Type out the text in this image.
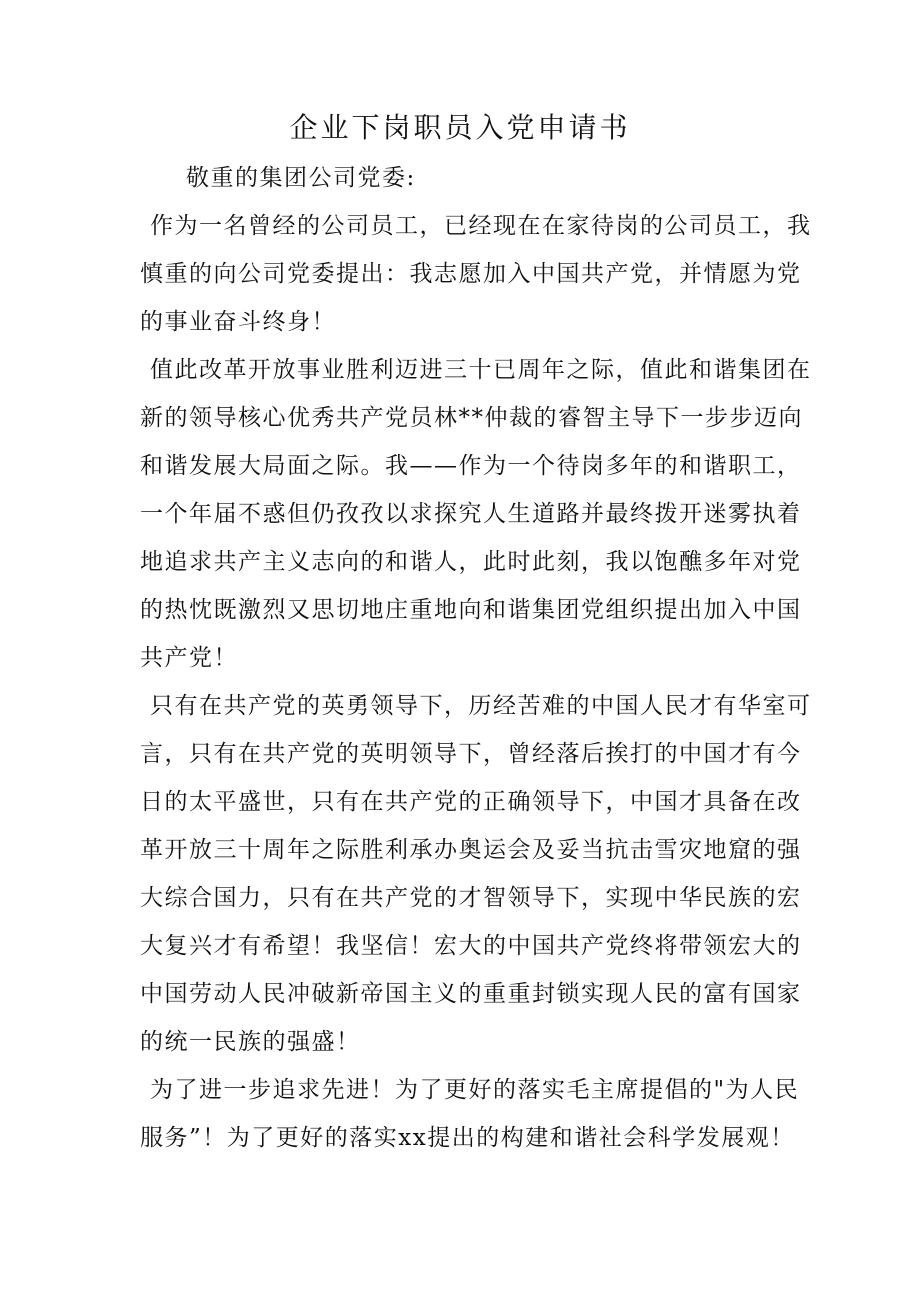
企业下岗职员入党申请书
敬重的集团公司党委:
作为一名曾经的公司员工，已经现在在家待岗的公司员工，我
慎重的向公司党委提出：我志愿加入中国共产党，并情愿为党
的事业奋斗终身！
值此改革开放事业胜利迈进三十已周年之际，值此和谐集团在
新的领导核心优秀共产党员林**仲裁的睿智主导下一步步迈向
和谐发展大局面之际。我——作为一个待岗多年的和谐职工，
一个年届不惑但仍孜孜以求探究人生道路并最终拨开迷雾执着
地追求共产主义志向的和谐人，此时此刻，我以饱醮多年对党
的热忱既激烈又思切地庄重地向和谐集团党组织提出加入中国
共产党！
只有在共产党的英勇领导下，历经苦难的中国人民才有华室可
言，只有在共产党的英明领导下，曾经落后挨打的中国才有今
日的太平盛世，只有在共产党的正确领导下，中国才具备在改
革开放三十周年之际胜利承办奥运会及妥当抗击雪灾地窟的强
大综合国力，只有在共产党的才智领导下，实现中华民族的宏
大复兴才有希望！我坚信！宏大的中国共产党终将带领宏大的
中国劳动人民冲破新帝国主义的重重封锁实现人民的富有国家
的统一民族的强盛！
为了进一步追求先进！为了更好的落实毛主席提倡的"为人民
服务”！为了更好的落实xx提出的构建和谐社会科学发展观！
